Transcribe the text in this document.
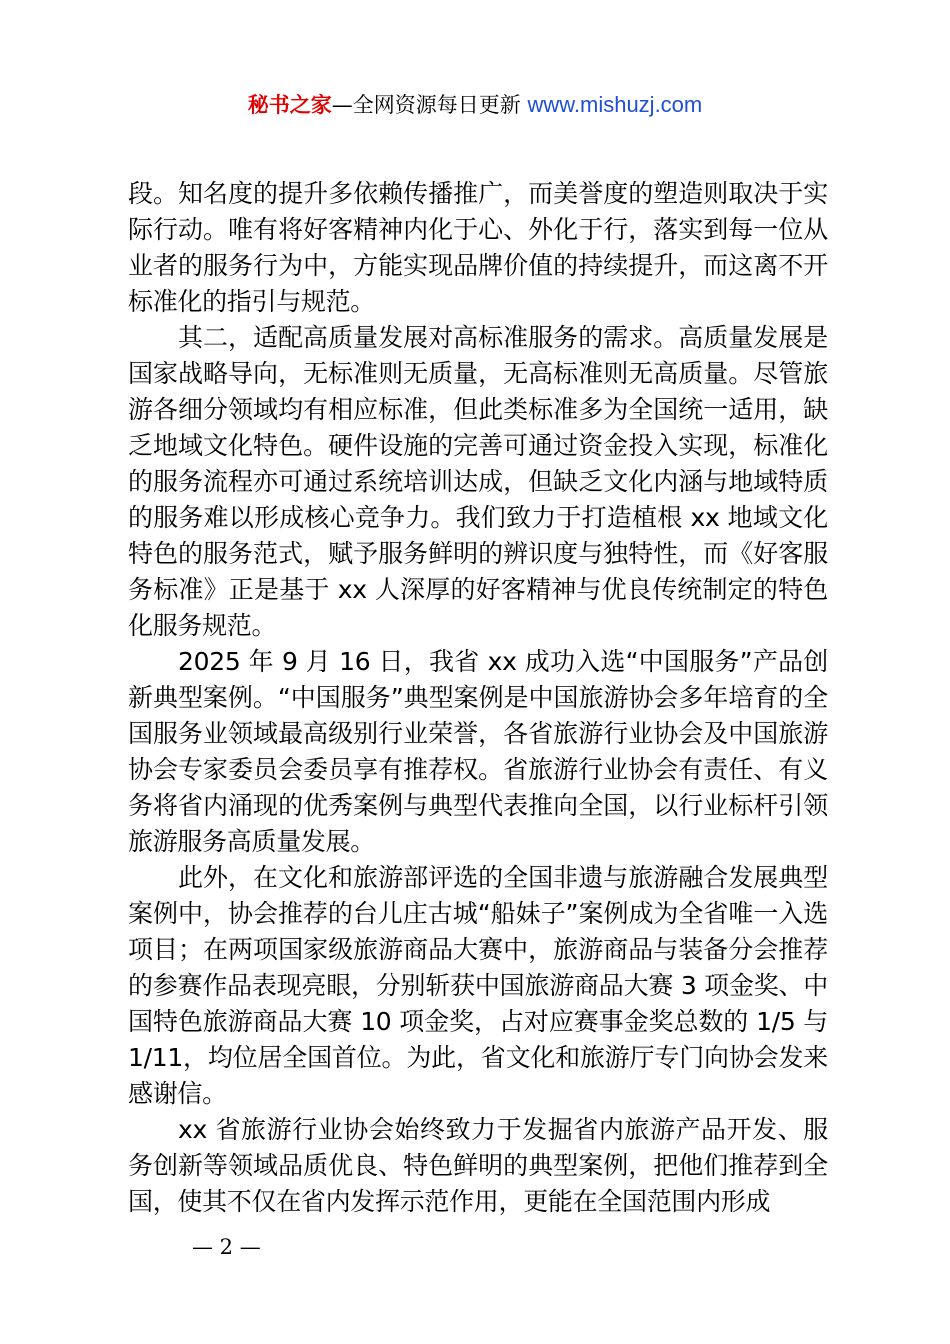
秘书之家—全网资源每日更新 www.mishuzj.com

段。知名度的提升多依赖传播推广，而美誉度的塑造则取决于实际行动。唯有将好客精神内化于心、外化于行，落实到每一位从业者的服务行为中，方能实现品牌价值的持续提升，而这离不开标准化的指引与规范。

其二，适配高质量发展对高标准服务的需求。高质量发展是国家战略导向，无标准则无质量，无高标准则无高质量。尽管旅游各细分领域均有相应标准，但此类标准多为全国统一适用，缺乏地域文化特色。硬件设施的完善可通过资金投入实现，标准化的服务流程亦可通过系统培训达成，但缺乏文化内涵与地域特质的服务难以形成核心竞争力。我们致力于打造植根 xx 地域文化特色的服务范式，赋予服务鲜明的辨识度与独特性，而《好客服务标准》正是基于 xx 人深厚的好客精神与优良传统制定的特色化服务规范。

2025 年 9 月 16 日，我省 xx 成功入选“中国服务”产品创新典型案例。“中国服务”典型案例是中国旅游协会多年培育的全国服务业领域最高级别行业荣誉，各省旅游行业协会及中国旅游协会专家委员会委员享有推荐权。省旅游行业协会有责任、有义务将省内涌现的优秀案例与典型代表推向全国，以行业标杆引领旅游服务高质量发展。

此外，在文化和旅游部评选的全国非遗与旅游融合发展典型案例中，协会推荐的台儿庄古城“船妹子”案例成为全省唯一入选项目；在两项国家级旅游商品大赛中，旅游商品与装备分会推荐的参赛作品表现亮眼，分别斩获中国旅游商品大赛 3 项金奖、中国特色旅游商品大赛 10 项金奖，占对应赛事金奖总数的 1/5 与 1/11，均位居全国首位。为此，省文化和旅游厅专门向协会发来感谢信。

xx 省旅游行业协会始终致力于发掘省内旅游产品开发、服务创新等领域品质优良、特色鲜明的典型案例，把他们推荐到全国，使其不仅在省内发挥示范作用，更能在全国范围内形成

— 2 —
